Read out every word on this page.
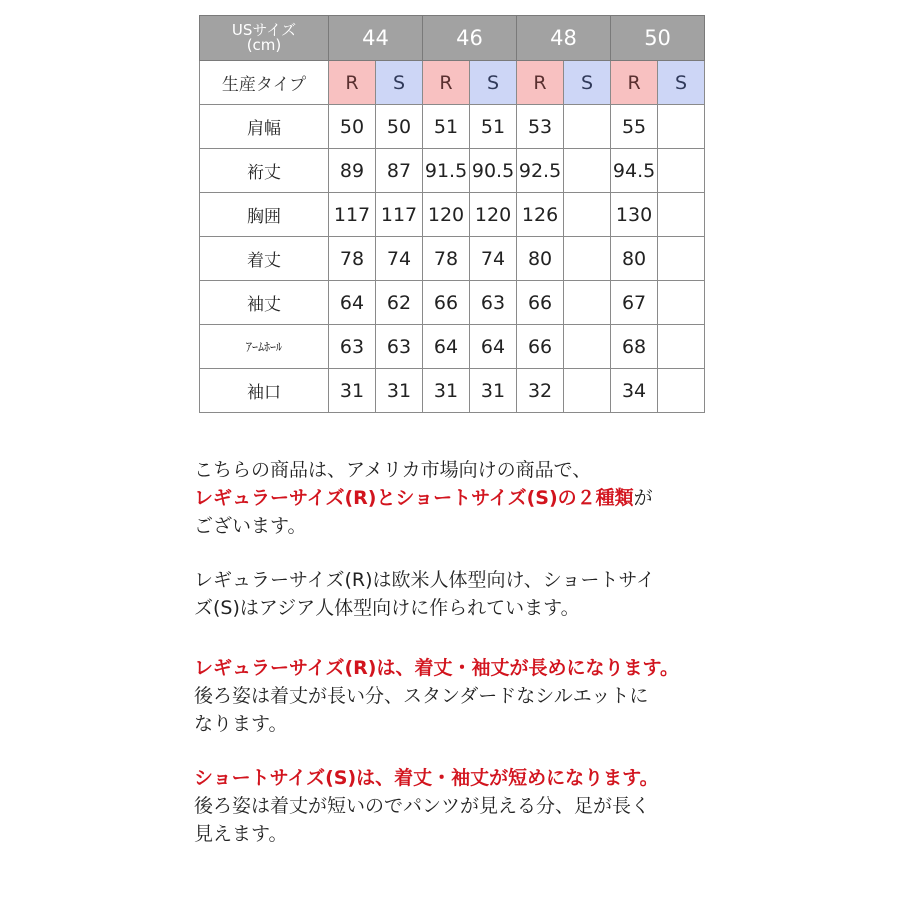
USサイズ
(cm)	44		46		48		50	
生産タイプ	R	S	R	S	R	S	R	S
肩幅	50	50	51	51	53		55	
裄丈	89	87	91.5	90.5	92.5		94.5	
胸囲	117	117	120	120	126		130	
着丈	78	74	78	74	80		80	
袖丈	64	62	66	63	66		67	
ｱｰﾑﾎｰﾙ	63	63	64	64	66		68	
袖口	31	31	31	31	32		34	
こちらの商品は、アメリカ市場向けの商品で、
レギュラーサイズ(R)とショートサイズ(S)の２種類が
ございます。
レギュラーサイズ(R)は欧米人体型向け、ショートサイ
ズ(S)はアジア人体型向けに作られています。
レギュラーサイズ(R)は、着丈・袖丈が長めになります。
後ろ姿は着丈が長い分、スタンダードなシルエットに
なります。
ショートサイズ(S)は、着丈・袖丈が短めになります。
後ろ姿は着丈が短いのでパンツが見える分、足が長く
見えます。
